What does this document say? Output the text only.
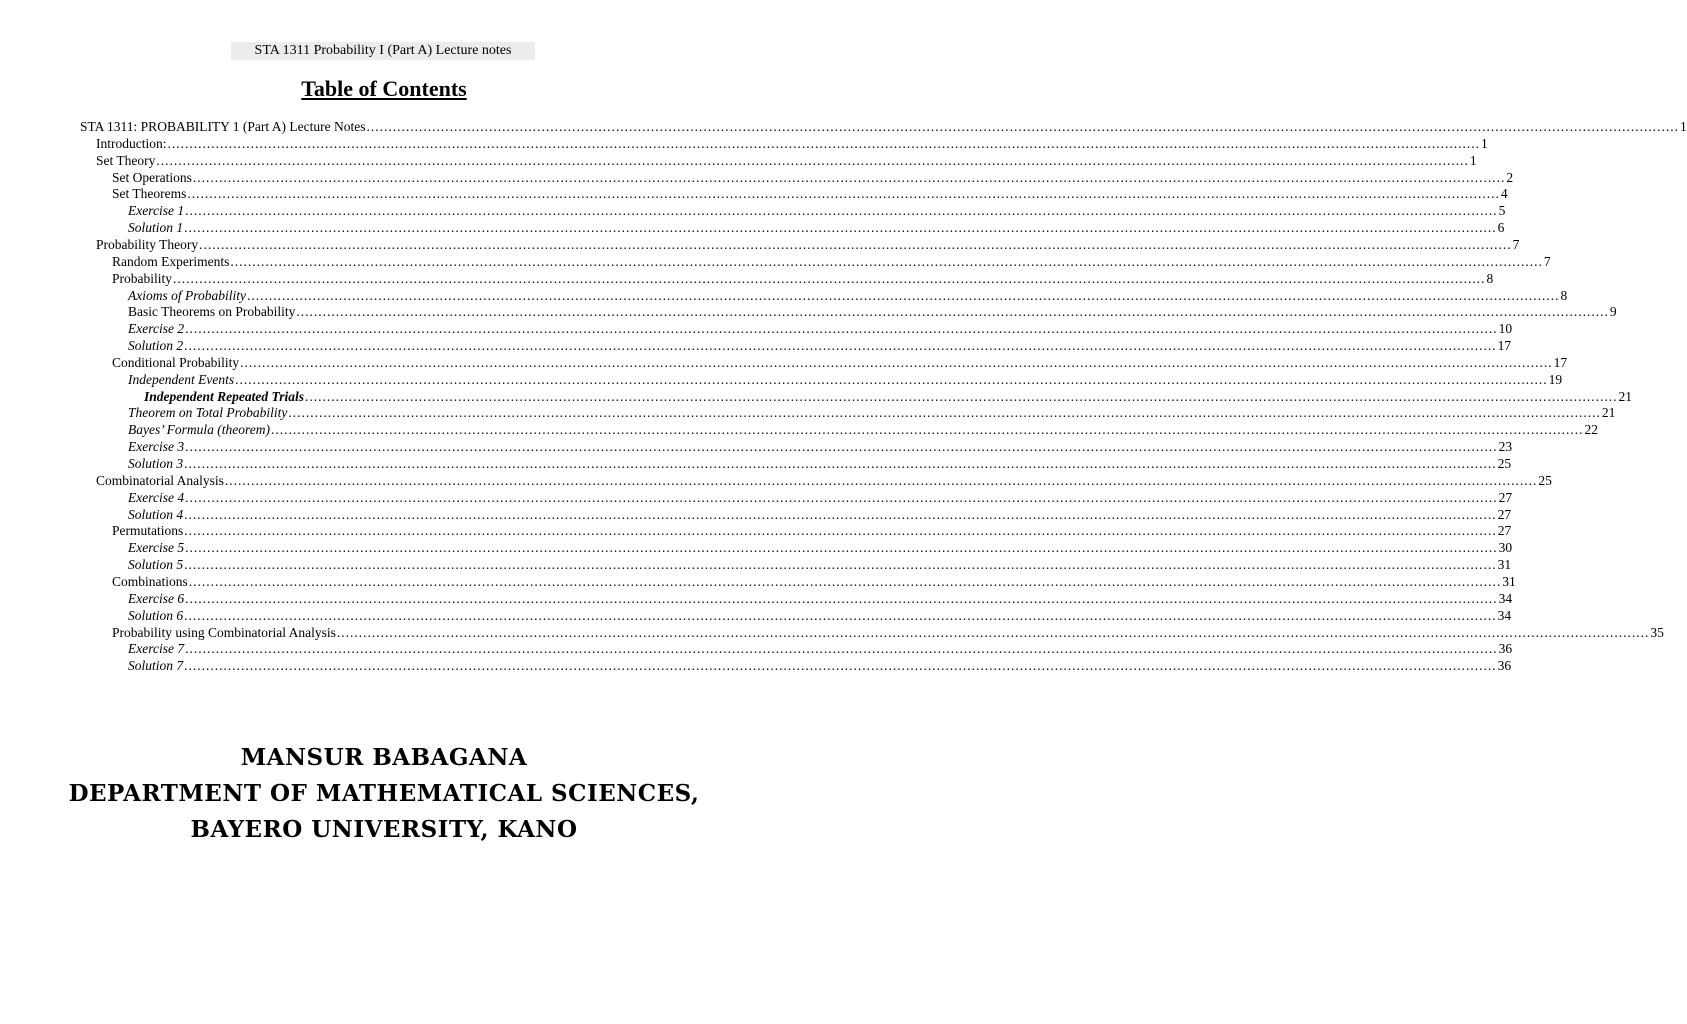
STA 1311 Probability I (Part A) Lecture notes
Table of Contents
STA 1311: PROBABILITY 1 (Part A) Lecture Notes ............................................................................................................................................................................................................................................................................................................ 1
Introduction: ............................................................................................................................................................................................................................................................................................................ 1
Set Theory ............................................................................................................................................................................................................................................................................................................ 1
Set Operations ............................................................................................................................................................................................................................................................................................................ 2
Set Theorems ............................................................................................................................................................................................................................................................................................................ 4
Exercise 1 ............................................................................................................................................................................................................................................................................................................ 5
Solution 1 ............................................................................................................................................................................................................................................................................................................ 6
Probability Theory ............................................................................................................................................................................................................................................................................................................ 7
Random Experiments ............................................................................................................................................................................................................................................................................................................ 7
Probability ............................................................................................................................................................................................................................................................................................................ 8
Axioms of Probability ............................................................................................................................................................................................................................................................................................................ 8
Basic Theorems on Probability ............................................................................................................................................................................................................................................................................................................ 9
Exercise 2 ............................................................................................................................................................................................................................................................................................................ 10
Solution 2 ............................................................................................................................................................................................................................................................................................................ 17
Conditional Probability ............................................................................................................................................................................................................................................................................................................ 17
Independent Events ............................................................................................................................................................................................................................................................................................................ 19
Independent Repeated Trials ............................................................................................................................................................................................................................................................................................................ 21
Theorem on Total Probability ............................................................................................................................................................................................................................................................................................................ 21
Bayes’ Formula (theorem) ............................................................................................................................................................................................................................................................................................................ 22
Exercise 3 ............................................................................................................................................................................................................................................................................................................ 23
Solution 3 ............................................................................................................................................................................................................................................................................................................ 25
Combinatorial Analysis ............................................................................................................................................................................................................................................................................................................ 25
Exercise 4 ............................................................................................................................................................................................................................................................................................................ 27
Solution 4 ............................................................................................................................................................................................................................................................................................................ 27
Permutations ............................................................................................................................................................................................................................................................................................................ 27
Exercise 5 ............................................................................................................................................................................................................................................................................................................ 30
Solution 5 ............................................................................................................................................................................................................................................................................................................ 31
Combinations ............................................................................................................................................................................................................................................................................................................ 31
Exercise 6 ............................................................................................................................................................................................................................................................................................................ 34
Solution 6 ............................................................................................................................................................................................................................................................................................................ 34
Probability using Combinatorial Analysis ............................................................................................................................................................................................................................................................................................................ 35
Exercise 7 ............................................................................................................................................................................................................................................................................................................ 36
Solution 7 ............................................................................................................................................................................................................................................................................................................ 36
MANSUR BABAGANA
DEPARTMENT OF MATHEMATICAL SCIENCES,
BAYERO UNIVERSITY, KANO
